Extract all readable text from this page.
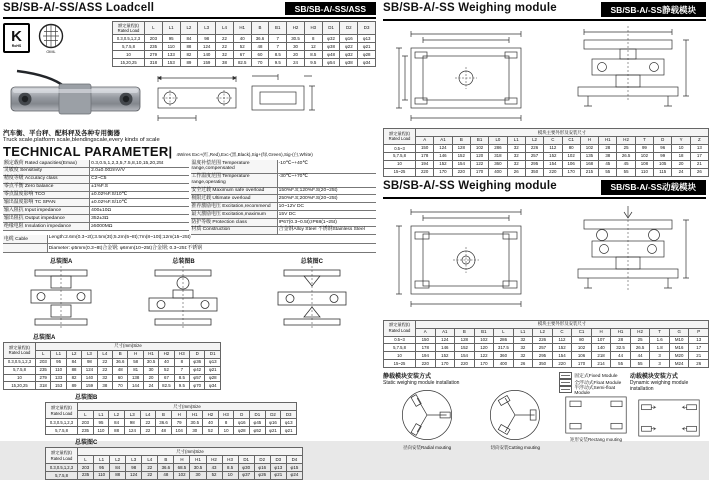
SB/SB-A/-SS/ASS Loadcell	SB/SB-A/-SS/ASS
K
RoHS
OIML
额定量程(t) Rated Load	L	L1	L2	L3	L4	H1	B	B1	H2	H3	D1	D2	D3
0.3,0.5,1,2,3	203	95	84	98	22	40	36.6	7	30.5	8	φ32	φ16	φ13
5,7.5,8	235	110	88	124	22	52	48	7	30	12	φ38	φ22	φ21
10	279	133	82	140	32	67	60	8.5	20	8.5	φ48	φ32	φ28
15,20,25	318	153	89	159	38	82.5	70	9.5	24	9.5	φ54	φ38	φ34
汽车衡、平台秤、配料秤及各种专用衡器
Truck scale,platform scale,blendingscale,every kinds of scale
TECHNICAL PARAMETER| 4Wires Exc+(红,Red),Exc-(黑,Black),Sig+(绿,Green),Sig-(白,White)
额定载荷 Rated capacities(Emax)	0.3,0.5,1,2,3,5,7.5,8,10,15,20,25t
灵敏度 Sensitivity	2.0±0.002mV/V
精度等级 Accuracy class	C2~C5
零点平衡 Zero balance	±1%F.S
零点温度影响 TCO	±0.02%F.S/10℃
输出温度影响 TC SPAN	±0.02%F.S/10℃
输入阻抗 Input impedance	400±10Ω
输出阻抗 Output impedance	352±3Ω
绝缘电阻 Insulation impedance	≥5000MΩ
温度补偿范围 Temperature range,compensated
-10℃~+40℃
工作温度范围 Temperature range,operating
-30℃~+70℃
安全过载 Maximum safe overload	150%F.S;120%F.S(20~25t)
极限过载 Ultimate overload	250%F.S;200%F.S(20~25t)
推荐激励电压 Excitation,recommend	10~12V DC
最大激励电压 Excitation,maximum	15V DC
防护等级 Protection class	IP67(0.3~0.5t);IP68(1~25t)
材质 Construction	合金钢Alloy Steel 不锈钢Stainless Steel
电缆 Cable	Length:2.6m(0.3~2t);3.5m(3t);5.2m(5~8t);7m(8~10t);12m(15~25t)
Diameter: φ5mm(0.3~8t)合金钢; φ6mm(10~25t)合金钢; 0.3~25t:不锈钢
总装图A	总装图B	总装图C
总装图A
额定量程(t) Rated Load	尺寸(mm)Size											
	L	L1	L2	L3	L4	B	H	H1	H2	H3	D	D1
0.3,0.5,1,2,3	203	95	84	98	22	36.6	58	30.5	40	8	φ36	φ13
5,7.5,8	235	110	88	124	22	48	81	30	52	7	φ42	φ21
10	279	133	82	140	32	60	138	20	67	8.5	φ57	φ28
15,20,25	318	153	89	159	38	70	144	24	82.5	9.5	φ70	φ34
总装图B
额定量程(t) Rated Load	尺寸(mm)Size													
	L	L1	L2	L3	L4	B	H	H1	H2	H3	D	D1	D2	D3
0.3,0.5,1,2,3	203	95	84	98	22	36.6	79	30.5	40	8	φ16	φ45	φ16	φ13
5,7.5,8	235	110	88	124	22	48	104	30	52	10	φ28	φ52	φ21	φ21
总装图C
额定量程(t) Rated Load	尺寸(mm)Size													
	L	L1	L2	L3	L4	B	H	H1	H2	H3	D1	D2	D3	D4
0.3,0.5,1,2,3	203	95	84	98	22	36.6	68.5	30.5	43	8.5	φ30	φ16	φ13	φ15
5,7.5,8	235	110	88	124	22	48	102	30	52	10	φ37	φ26	φ21	φ24
SB/SB-A/-SS Weighing module	SB/SB-A/-SS静载模块
额定量程(t) Rated Load	模块主要外形及安装尺寸															
	A	A1	B	B1	L0	L1	L2	C	C1	H	H1	H2	T	D	Y	Z
0.5~3	150	124	128	102	286	32	226	112	80	102	28	25	99	96	10	13
5,7.5,8	178	146	152	120	318	32	257	152	102	135	38	26.5	102	99	18	17
10	194	152	154	122	360	32	295	154	106	168	45	45	108	105	20	21
15~25	220	170	220	170	400	26	350	220	170	215	55	55	110	115	24	26
SB/SB-A/-SS Weighing module	SB/SB-A/-SS动载模块
额定量程(t) Rated Load	模块主要外形及安装尺寸														
	A	A1	B	B1	L	L1	L2	C	C1	H	H1	H2	T	G	P
0.5~3	150	124	128	102	286	32	226	112	80	107	28	25	1.6	M10	13
5,7.5,8	178	146	152	120	317.5	32	257	152	102	140	32.5	26.5	1.8	M16	17
10	194	152	154	122	360	32	295	154	106	218	44	44	3	M20	21
15~25	220	170	220	170	400	26	350	220	170	214	55	55	3	M24	26
静载模块安装方式
Static weighing module installation
径向安装Radial mouting	切向安装Cutting mouting
固定式Fixed Module
全浮动式Float Module
半浮动式Semi-float Module
动载模块安装方式
Dynamic weighing module installation
矩形安装Rectang mouting
